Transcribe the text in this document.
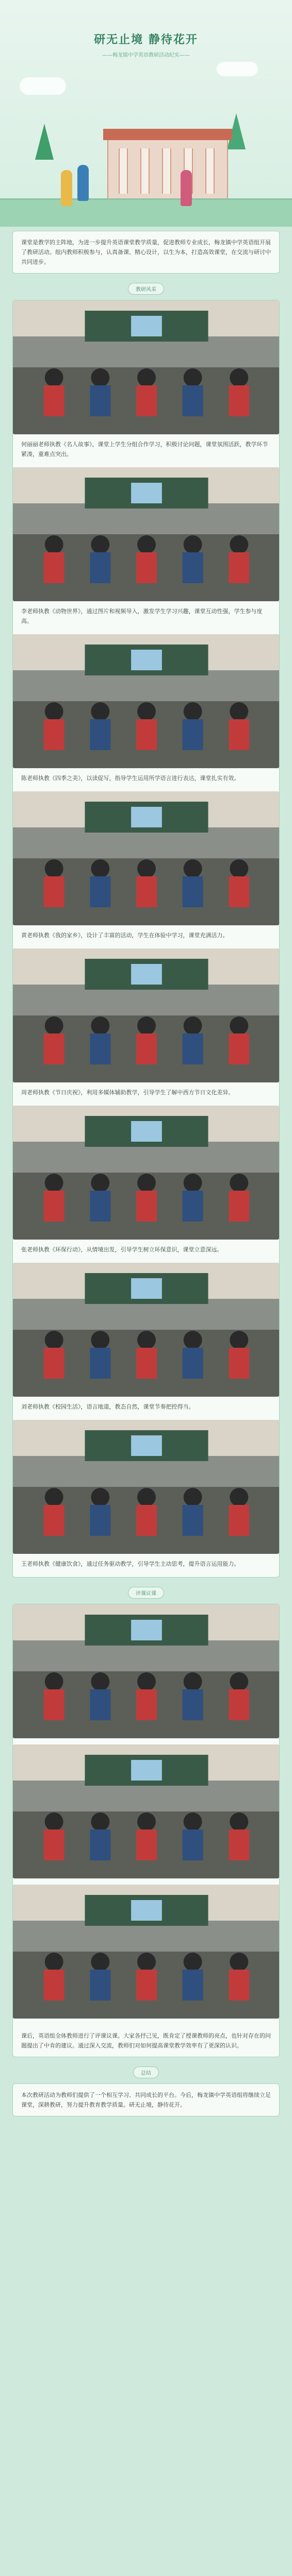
研无止境 静待花开
——梅龙镇中学英语教研活动纪实——
课堂是教学的主阵地，为进一步提升英语课堂教学质量，促进教师专业成长，梅龙镇中学英语组开展了教研活动。组内教师积极参与，认真备课、精心设计，以生为本，打造高效课堂，在交流与研讨中共同进步。
教研风采
何丽丽老师执教《名人故事》，课堂上学生分组合作学习，积极讨论问题，课堂氛围活跃，教学环节紧凑，重难点突出。
李老师执教《动物世界》，通过图片和视频导入，激发学生学习兴趣，课堂互动性强，学生参与度高。
陈老师执教《四季之美》，以读促写，指导学生运用所学语言进行表达，课堂扎实有效。
黄老师执教《我的家乡》，设计了丰富的活动，学生在体验中学习，课堂充满活力。
周老师执教《节日庆祝》，利用多媒体辅助教学，引导学生了解中西方节日文化差异。
张老师执教《环保行动》，从情境出发，引导学生树立环保意识，课堂立意深远。
刘老师执教《校园生活》，语言地道，教态自然，课堂节奏把控得当。
王老师执教《健康饮食》，通过任务驱动教学，引导学生主动思考，提升语言运用能力。
评课议课
课后，英语组全体教师进行了评课议课。大家各抒己见，既肯定了授课教师的亮点，也针对存在的问题提出了中肯的建议。通过深入交流，教师们对如何提高课堂教学效率有了更深的认识。
总结
本次教研活动为教师们提供了一个相互学习、共同成长的平台。今后，梅龙镇中学英语组将继续立足课堂，深耕教研，努力提升教育教学质量。研无止境，静待花开。
